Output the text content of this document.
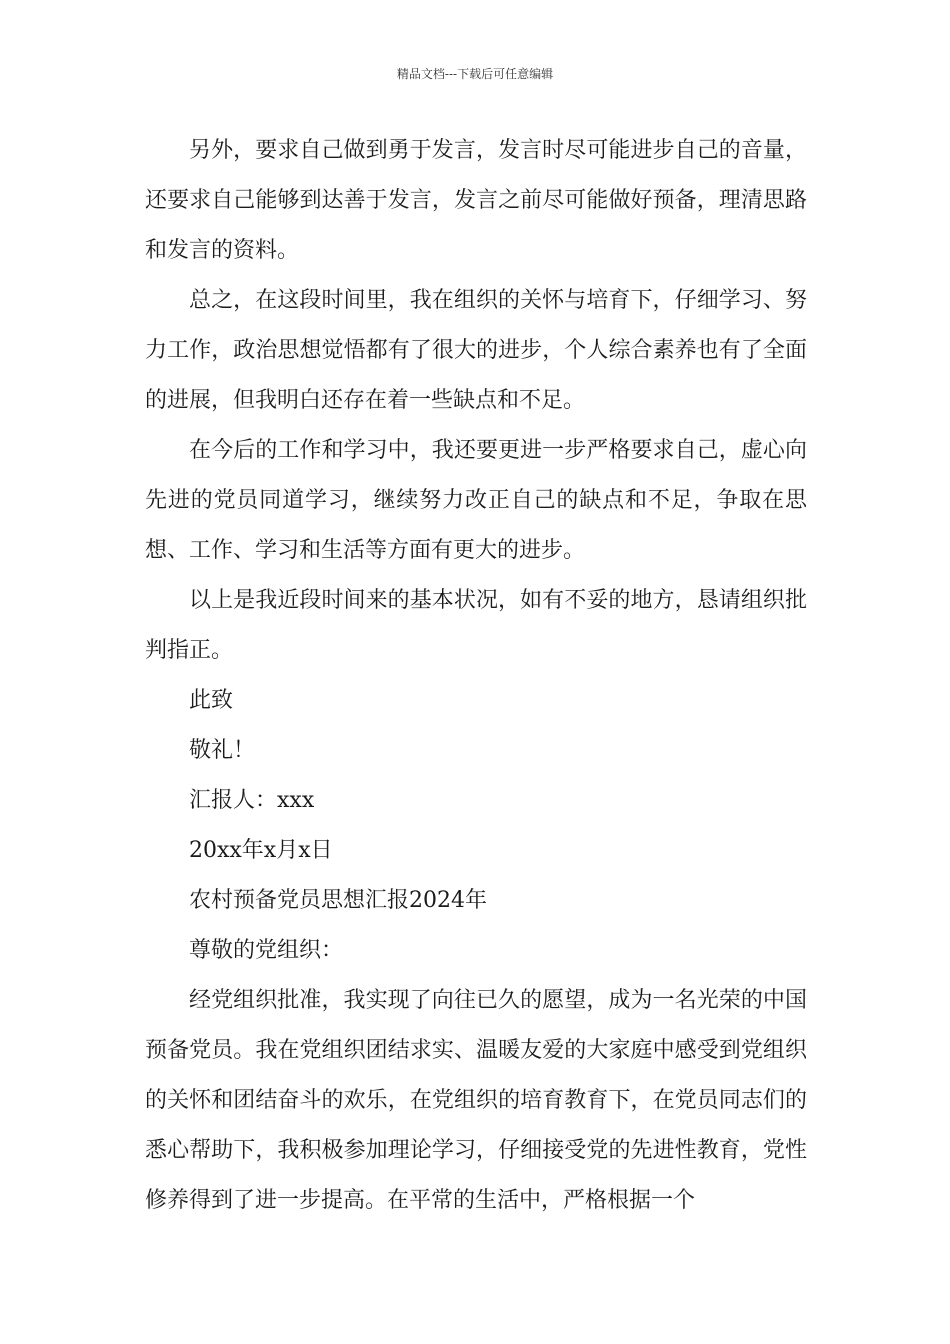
精品文档---下载后可任意编辑

另外，要求自己做到勇于发言，发言时尽可能进步自己的音量，还要求自己能够到达善于发言，发言之前尽可能做好预备，理清思路和发言的资料。

总之，在这段时间里，我在组织的关怀与培育下，仔细学习、努力工作，政治思想觉悟都有了很大的进步，个人综合素养也有了全面的进展，但我明白还存在着一些缺点和不足。

在今后的工作和学习中，我还要更进一步严格要求自己，虚心向先进的党员同道学习，继续努力改正自己的缺点和不足，争取在思想、工作、学习和生活等方面有更大的进步。

以上是我近段时间来的基本状况，如有不妥的地方，恳请组织批判指正。

此致

敬礼！

汇报人：xxx

20xx年x月x日

农村预备党员思想汇报2024年

尊敬的党组织：

经党组织批准，我实现了向往已久的愿望，成为一名光荣的中国预备党员。我在党组织团结求实、温暖友爱的大家庭中感受到党组织的关怀和团结奋斗的欢乐，在党组织的培育教育下，在党员同志们的悉心帮助下，我积极参加理论学习，仔细接受党的先进性教育，党性修养得到了进一步提高。在平常的生活中，严格根据一个
